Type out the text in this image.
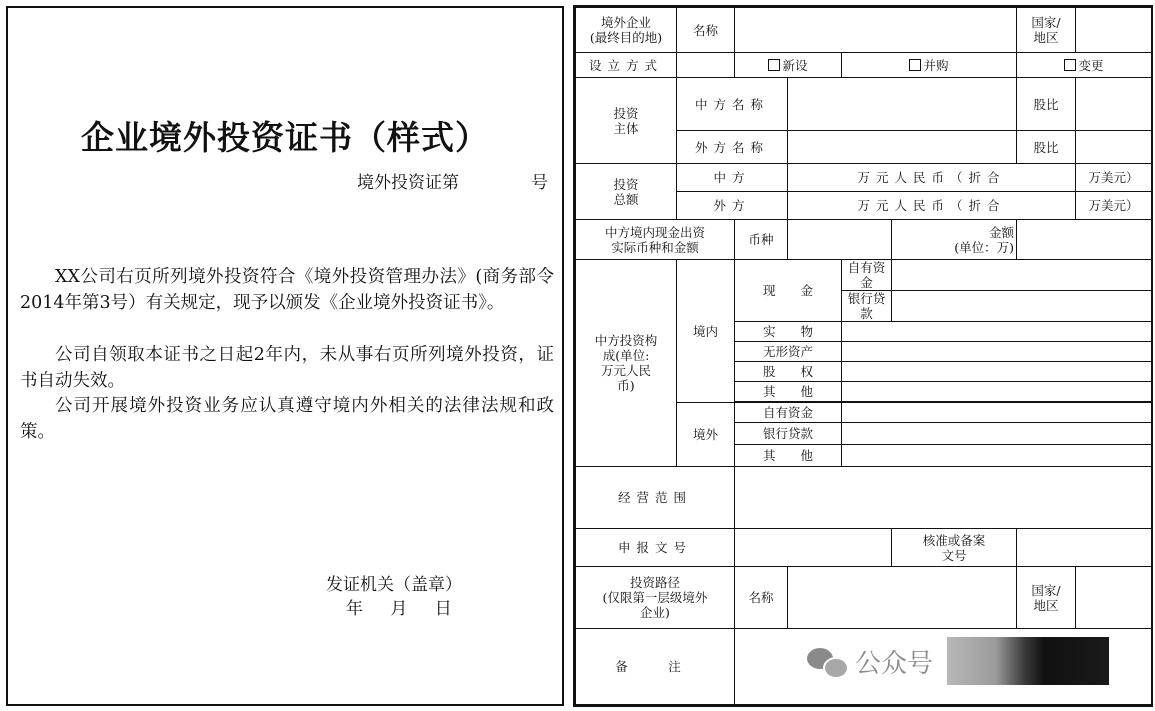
企业境外投资证书（样式）
境外投资证第	号

XX公司右页所列境外投资符合《境外投资管理办法》(商务部令2014年第3号）有关规定，现予以颁发《企业境外投资证书》。

公司自领取本证书之日起2年内，未从事右页所列境外投资，证书自动失效。

公司开展境外投资业务应认真遵守境内外相关的法律法规和政策。

发证机关（盖章）
年 月 日
境外企业
(最终目的地)	名称					国家/
地区	
设立方式		新设		并购		变更	
投资
主体	中方名称					股比	
	外方名称					股比	
投资
总额	中方		万元人民币（折合				万美元）
	外方		万元人民币（折合				万美元）
中方境内现金出资
实际币种和金额		币种			金额
(单位：万)		
中方投资构
成(单位:
万元人民
币)	境内	现　　金		自有资金			
				银行贷款			
		实　　物					
		无形资产					
		股　　权					
		其　　他					

	境外	自有资金					
		银行贷款					
		其　　他					
经营范围							
申报文号					核准或备案
文号		
投资路径
(仅限第一层级境外
企业)		名称				国家/
地区	
备　注								公众号
